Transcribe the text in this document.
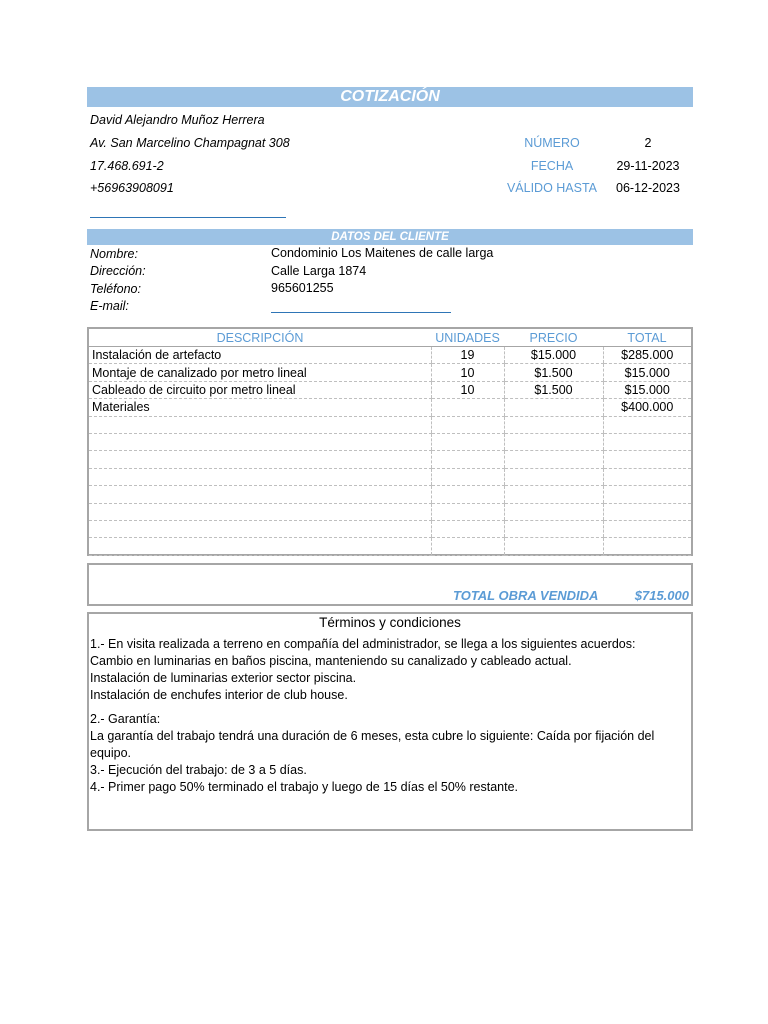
COTIZACIÓN
David Alejandro Muñoz Herrera
Av. San Marcelino Champagnat 308
17.468.691-2
+56963908091
NÚMERO	2
FECHA	29-11-2023
VÁLIDO HASTA	06-12-2023
DATOS DEL CLIENTE
Nombre:	Condominio Los Maitenes de calle larga
Dirección:	Calle Larga 1874
Teléfono:	965601255
E-mail:
DESCRIPCIÓN	UNIDADES	PRECIO	TOTAL
Instalación de artefacto	19	$15.000	$285.000
Montaje de canalizado por metro lineal	10	$1.500	$15.000
Cableado de circuito por metro lineal	10	$1.500	$15.000
Materiales			$400.000

TOTAL OBRA VENDIDA	$715.000
Términos y condiciones

1.- En visita realizada a terreno en compañía del administrador, se llega a los siguientes acuerdos:

Cambio en luminarias en baños piscina, manteniendo su canalizado y cableado actual.

Instalación de luminarias exterior sector piscina.

Instalación de enchufes interior de club house.

2.- Garantía:

La garantía del trabajo tendrá una duración de 6 meses, esta cubre lo siguiente: Caída por fijación del equipo.

3.- Ejecución del trabajo: de 3 a 5 días.

4.- Primer pago 50% terminado el trabajo y luego de 15 días el 50% restante.
